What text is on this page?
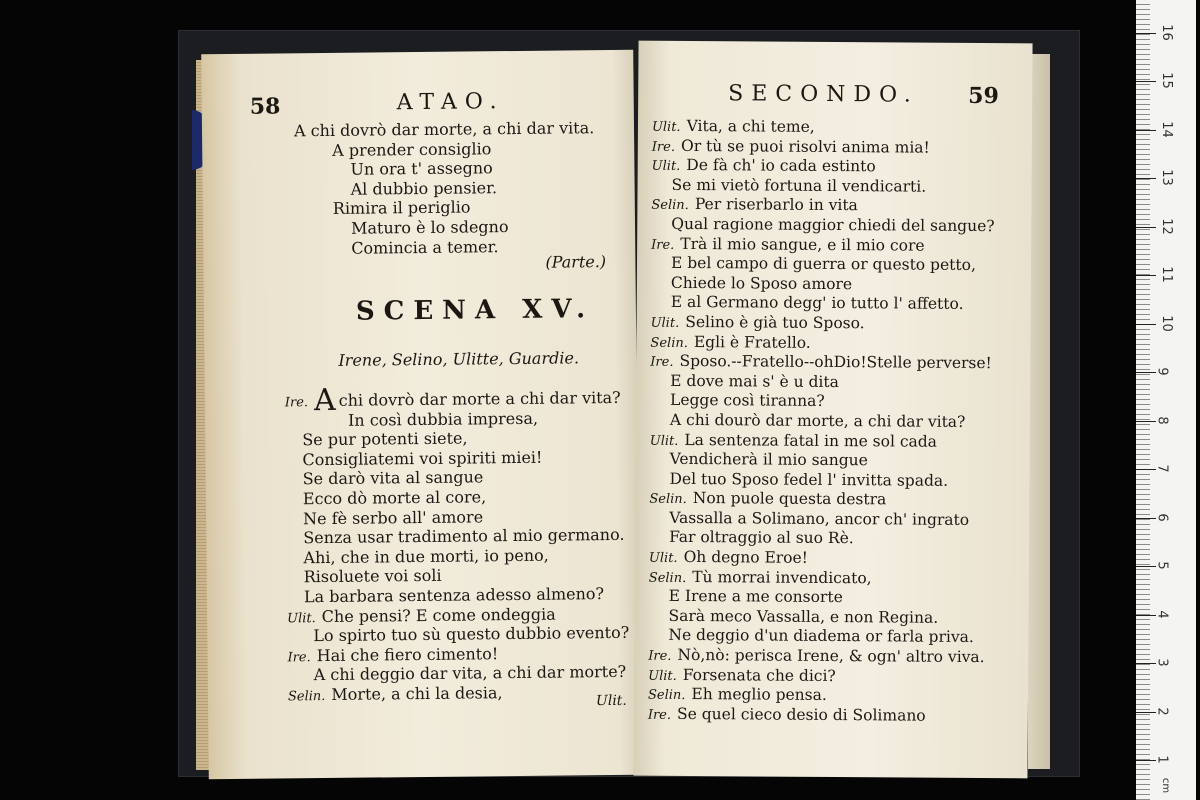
58	ATAO.
A chi dovrò dar morte, a chi dar vita.
A prender consiglio
Un ora t' assegno
Al dubbio pensier.
Rimira il periglio
Maturo è lo sdegno
Comincia a temer.
(Parte.)
SCENA XV.
Irene, Selino, Ulitte, Guardie.
Ire. A chi dovrò dar morte a chi dar vita?
In così dubbia impresa,
Se pur potenti siete,
Consigliatemi voi spiriti miei!
Se darò vita al sangue
Ecco dò morte al core,
Ne fè serbo all' amore
Senza usar tradimento al mio germano.
Ahi, che in due morti, io peno,
Risoluete voi soli
La barbara sentenza adesso almeno?
Ulit. Che pensi? E come ondeggia
Lo spirto tuo sù questo dubbio evento?
Ire. Hai che fiero cimento!
A chi deggio dar vita, a chi dar morte?
Selin. Morte, a chi la desia,	Ulit.
SECONDO. 59
Ulit. Vita, a chi teme,
Ire. Or tù se puoi risolvi anima mia!
Ulit. De fà ch' io cada estinto
Se mi vietò fortuna il vendicarti.
Selin. Per riserbarlo in vita
Qual ragione maggior chiedi del sangue?
Ire. Trà il mio sangue, e il mio core
E bel campo di guerra or questo petto,
Chiede lo Sposo amore
E al Germano degg' io tutto l' affetto.
Ulit. Selino è già tuo Sposo.
Selin. Egli è Fratello.
Ire. Sposo.--Fratello--ohDio!Stelle perverse!
E dove mai s' è u dita
Legge così tiranna?
A chi dourò dar morte, a chi dar vita?
Ulit. La sentenza fatal in me sol cada
Vendicherà il mio sangue
Del tuo Sposo fedel l' invitta spada.
Selin. Non puole questa destra
Vassalla a Solimano, ancor ch' ingrato
Far oltraggio al suo Rè.
Ulit. Oh degno Eroe!
Selin. Tù morrai invendicato,
E Irene a me consorte
Sarà meco Vassalla, e non Regina.
Ne deggio d'un diadema or farla priva.
Ire. Nò,nò: perisca Irene, & ogn' altro viva.
Ulit. Forsenata che dici?
Selin. Eh meglio pensa.
Ire. Se quel cieco desio di Solimano
1
2
3
4
5
6
7
8
9
10
11
12
13
14
15
16
cm
